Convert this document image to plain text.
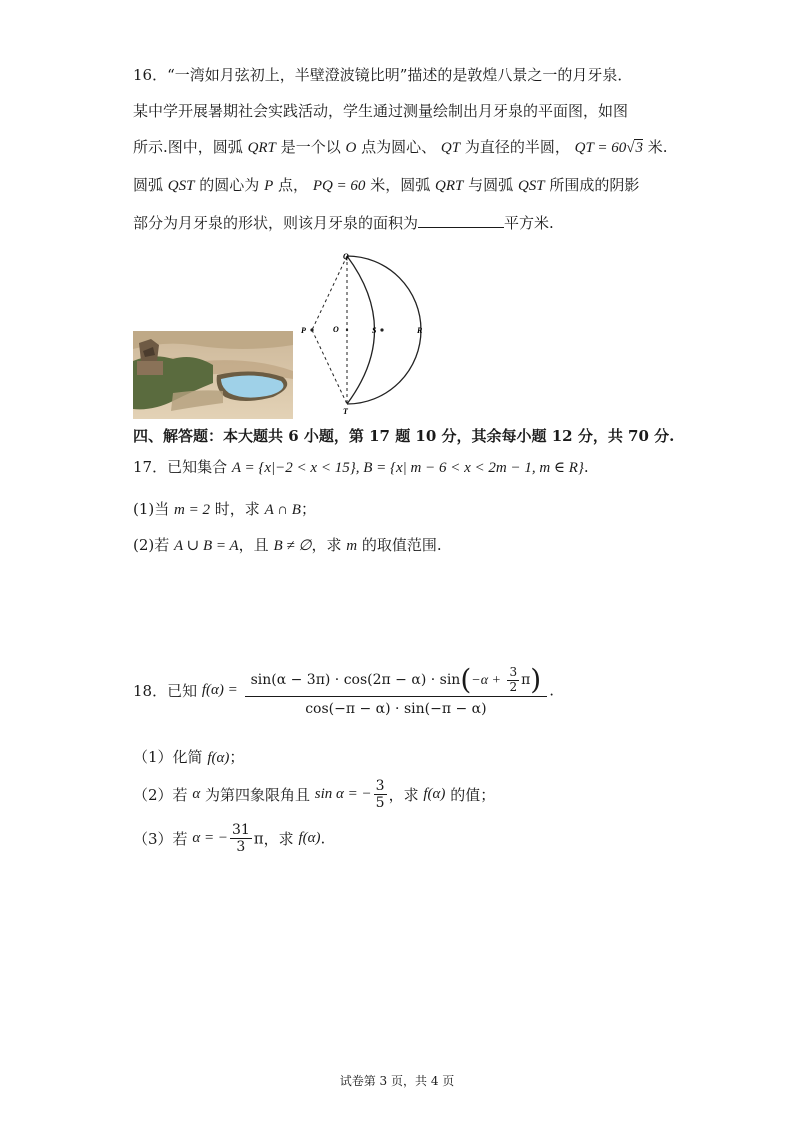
16．“一湾如月弦初上，半壁澄波镜比明”描述的是敦煌八景之一的月牙泉．
某中学开展暑期社会实践活动，学生通过测量绘制出月牙泉的平面图，如图
所示.图中，圆弧 QRT 是一个以 O 点为圆心、 QT 为直径的半圆， QT = 60√3 米.
圆弧 QST 的圆心为 P 点， PQ = 60 米，圆弧 QRT 与圆弧 QST 所围成的阴影
部分为月牙泉的形状，则该月牙泉的面积为	平方米.
Q
P	O	S	R
T
四、解答题：本大题共 6 小题，第 17 题 10 分，其余每小题 12 分，共 70 分.
17．已知集合 A = {x|−2 < x < 15}, B = {x| m − 6 < x < 2m − 1, m ∈ R}.
(1)当 m = 2 时，求 A ∩ B；
(2)若 A ∪ B = A，且 B ≠ ∅，求 m 的取值范围.
18．已知 f(α) =
$\sin(\alpha - 3\pi) \cdot \cos(2\pi - \alpha) \cdot \sin(-\alpha + \frac{3}{2} \pi)$
cos(−π − α) · sin(−π − α)
.
（1）化简 f(α)；
（2）若 α 为第四象限角且 sin α = − $\frac{3}{5}$ ，求 f(α) 的值；
（3）若 α = − $\frac{31}{3}$ π，求 f(α).
试卷第 3 页，共 4 页
